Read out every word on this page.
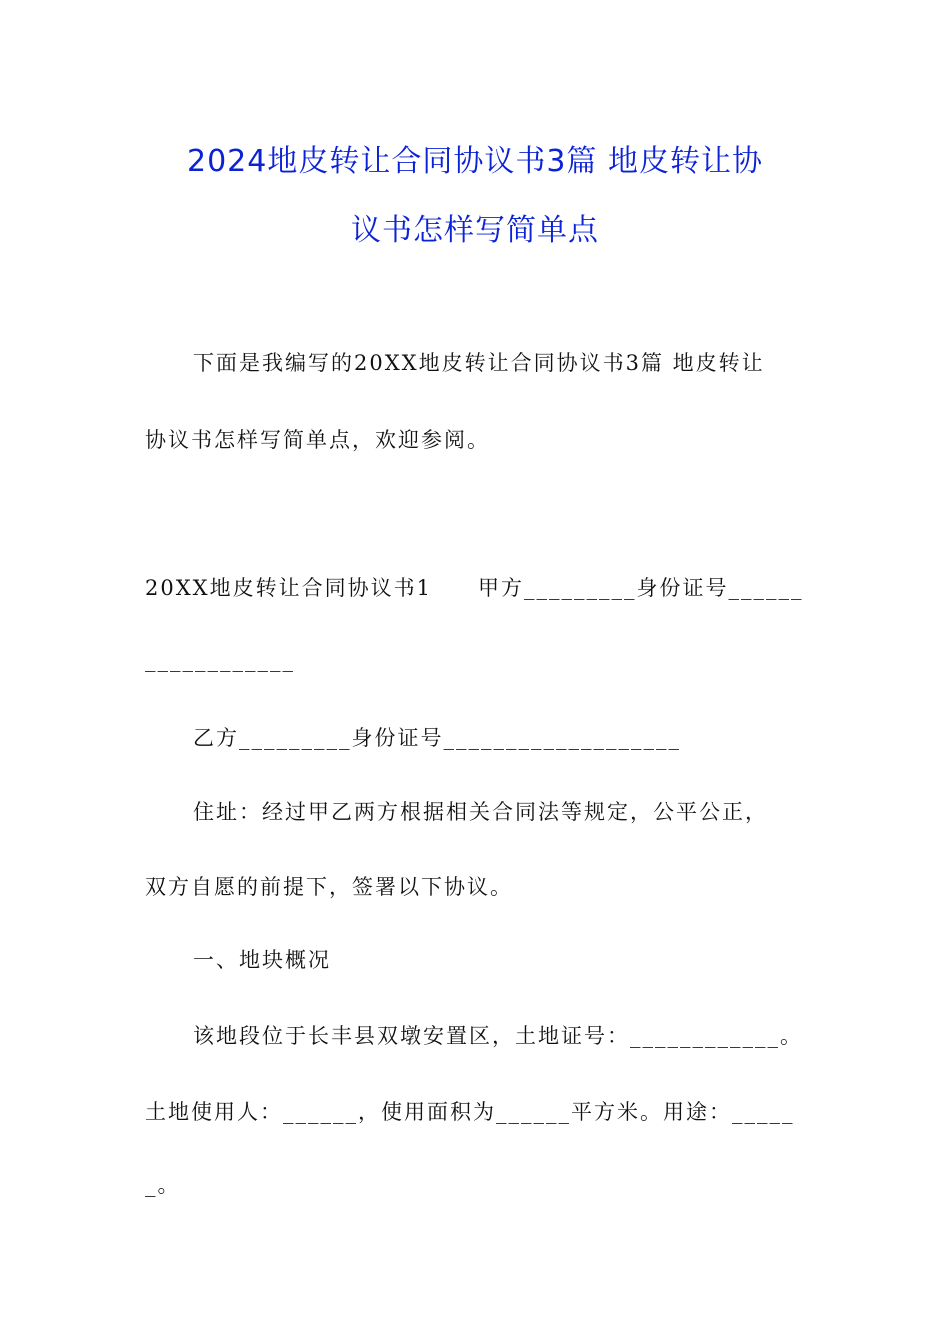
2024地皮转让合同协议书3篇 地皮转让协
议书怎样写简单点
下面是我编写的20XX地皮转让合同协议书3篇 地皮转让
协议书怎样写简单点，欢迎参阅。
20XX地皮转让合同协议书1　　甲方_________身份证号______
____________
乙方_________身份证号___________________
住址：经过甲乙两方根据相关合同法等规定，公平公正，
双方自愿的前提下，签署以下协议。
一、地块概况
该地段位于长丰县双墩安置区，土地证号：____________。
土地使用人：______，使用面积为______平方米。用途：_____
_。
